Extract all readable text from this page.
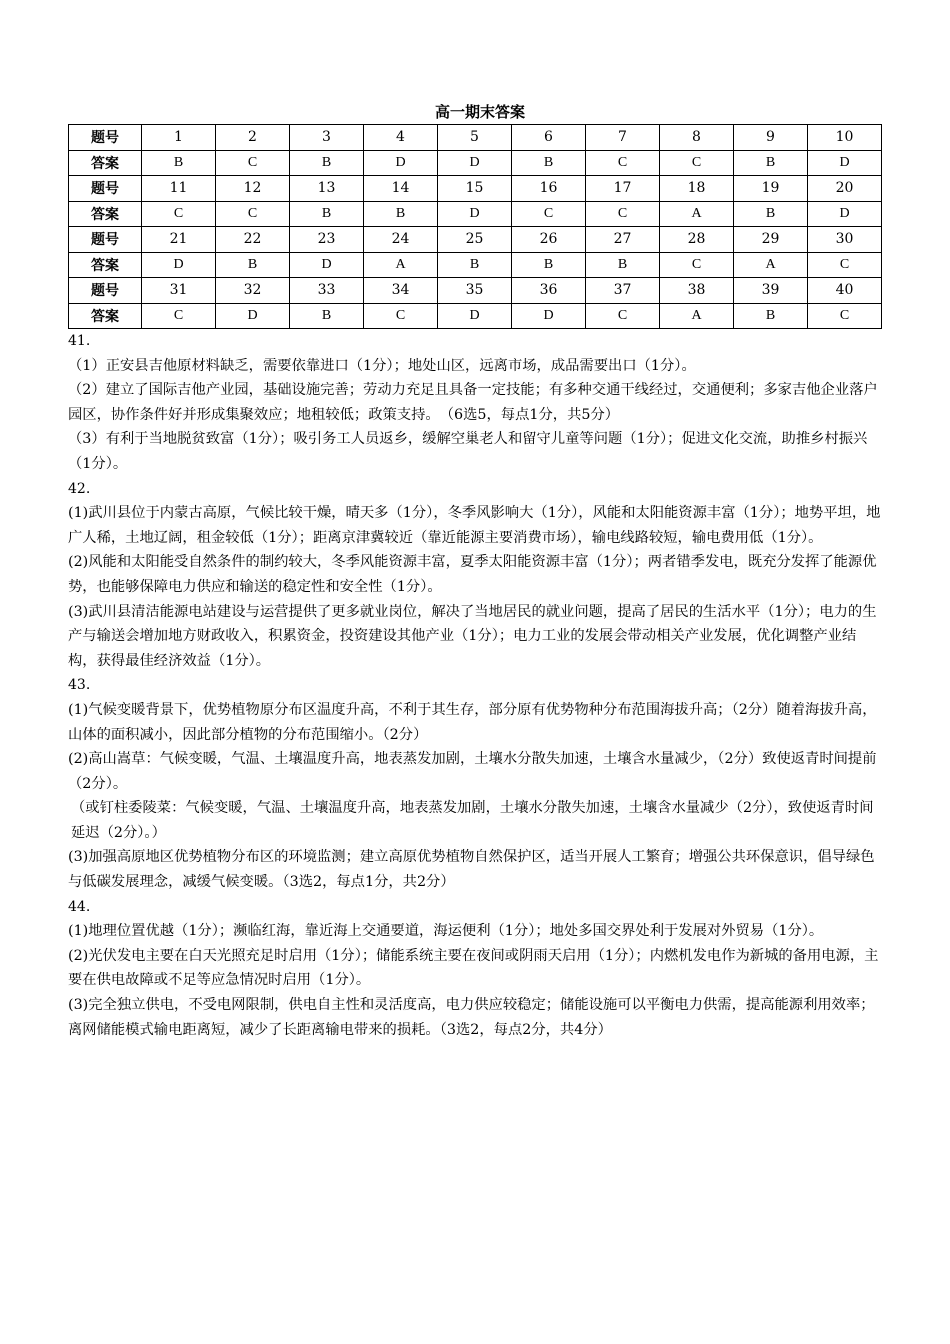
高一期末答案
题号	1	2	3	4	5	6	7	8	9	10
答案	B	C	B	D	D	B	C	C	B	D
题号	11	12	13	14	15	16	17	18	19	20
答案	C	C	B	B	D	C	C	A	B	D
题号	21	22	23	24	25	26	27	28	29	30
答案	D	B	D	A	B	B	B	C	A	C
题号	31	32	33	34	35	36	37	38	39	40
答案	C	D	B	C	D	D	C	A	B	C

41.

（1）正安县吉他原材料缺乏，需要依靠进口（1分）；地处山区，远离市场，成品需要出口（1分）。

（2）建立了国际吉他产业园，基础设施完善；劳动力充足且具备一定技能；有多种交通干线经过，交通便利；多家吉他企业落户园区，协作条件好并形成集聚效应；地租较低；政策支持。　（6选5，每点1分，共5分）

（3）有利于当地脱贫致富（1分）；吸引务工人员返乡，缓解空巢老人和留守儿童等问题（1分）；促进文化交流，助推乡村振兴（1分）。

42.

(1)武川县位于内蒙古高原，气候比较干燥，晴天多（1分），冬季风影响大（1分），风能和太阳能资源丰富（1分）；地势平坦，地广人稀，土地辽阔，租金较低（1分）；距离京津冀较近（靠近能源主要消费市场），输电线路较短，输电费用低（1分）。

(2)风能和太阳能受自然条件的制约较大，冬季风能资源丰富，夏季太阳能资源丰富（1分）；两者错季发电，既充分发挥了能源优势，也能够保障电力供应和输送的稳定性和安全性（1分）。

(3)武川县清洁能源电站建设与运营提供了更多就业岗位，解决了当地居民的就业问题，提高了居民的生活水平（1分）；电力的生产与输送会增加地方财政收入，积累资金，投资建设其他产业（1分）；电力工业的发展会带动相关产业发展，优化调整产业结构，获得最佳经济效益（1分）。

43.

(1)气候变暖背景下，优势植物原分布区温度升高，不利于其生存，部分原有优势物种分布范围海拔升高；（2分）随着海拔升高，山体的面积减小，因此部分植物的分布范围缩小。（2分）

(2)高山嵩草：气候变暖，气温、土壤温度升高，地表蒸发加剧，土壤水分散失加速，土壤含水量减少，（2分）致使返青时间提前（2分）。

（或钉柱委陵菜：气候变暖，气温、土壤温度升高，地表蒸发加剧，土壤水分散失加速，土壤含水量减少（2分），致使返青时间延迟（2分）。）

(3)加强高原地区优势植物分布区的环境监测；建立高原优势植物自然保护区，适当开展人工繁育；增强公共环保意识，倡导绿色与低碳发展理念，减缓气候变暖。（3选2，每点1分，共2分）

44.

(1)地理位置优越（1分）；濒临红海，靠近海上交通要道，海运便利（1分）；地处多国交界处利于发展对外贸易（1分）。

(2)光伏发电主要在白天光照充足时启用（1分）；储能系统主要在夜间或阴雨天启用（1分）；内燃机发电作为新城的备用电源，主要在供电故障或不足等应急情况时启用（1分）。

(3)完全独立供电，不受电网限制，供电自主性和灵活度高，电力供应较稳定；储能设施可以平衡电力供需，提高能源利用效率；　离网储能模式输电距离短，减少了长距离输电带来的损耗。（3选2，每点2分，共4分）
